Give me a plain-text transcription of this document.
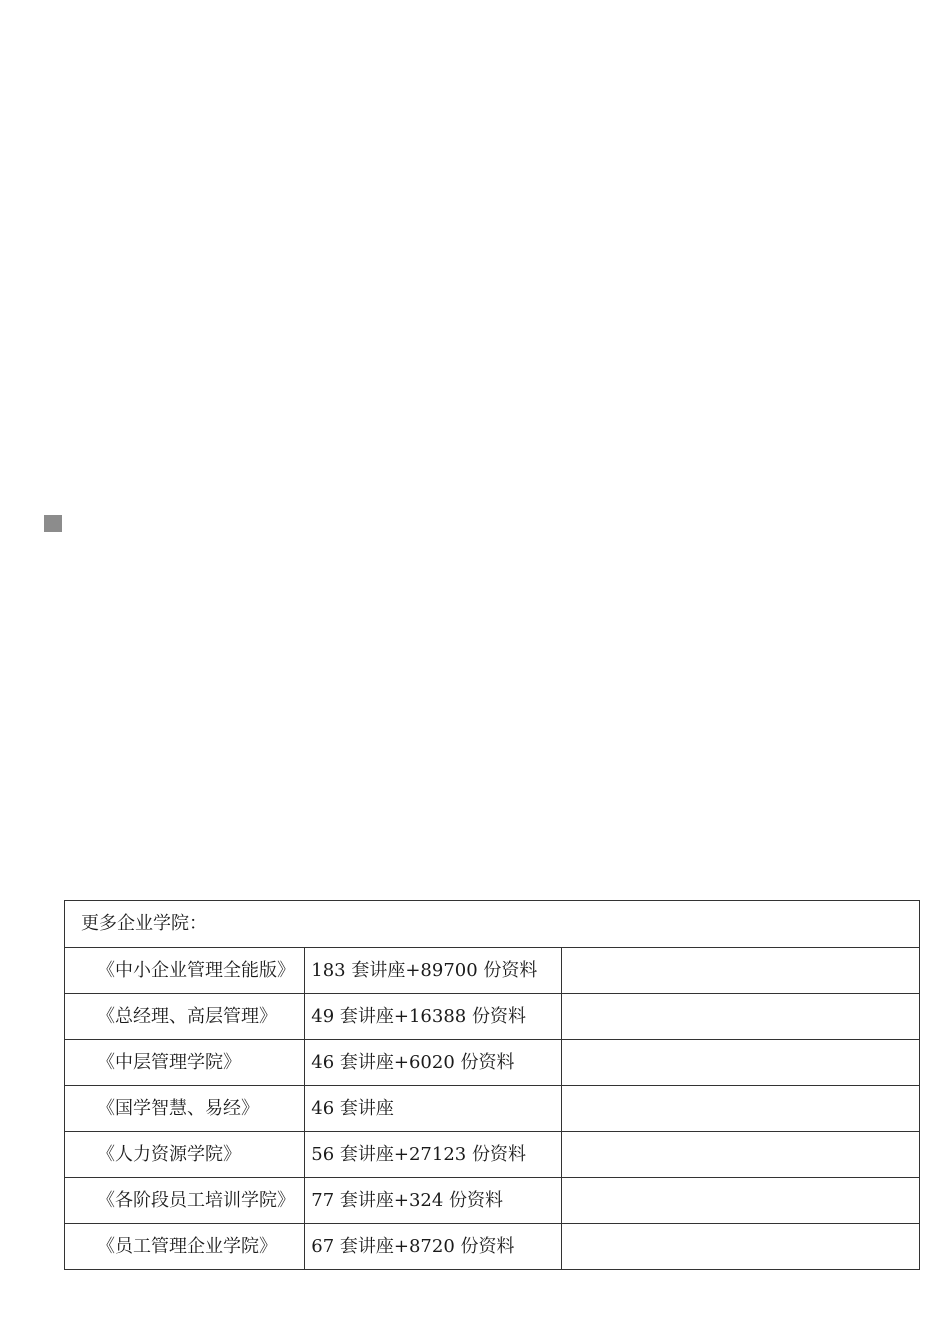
更多企业学院：		

《中小企业管理全能版》	183 套讲座+89700 份资料	

《总经理、高层管理》	49 套讲座+16388 份资料	

《中层管理学院》	46 套讲座+6020 份资料	

《国学智慧、易经》	46 套讲座	

《人力资源学院》	56 套讲座+27123 份资料	

《各阶段员工培训学院》	77 套讲座+324 份资料	

《员工管理企业学院》	67 套讲座+8720 份资料	
